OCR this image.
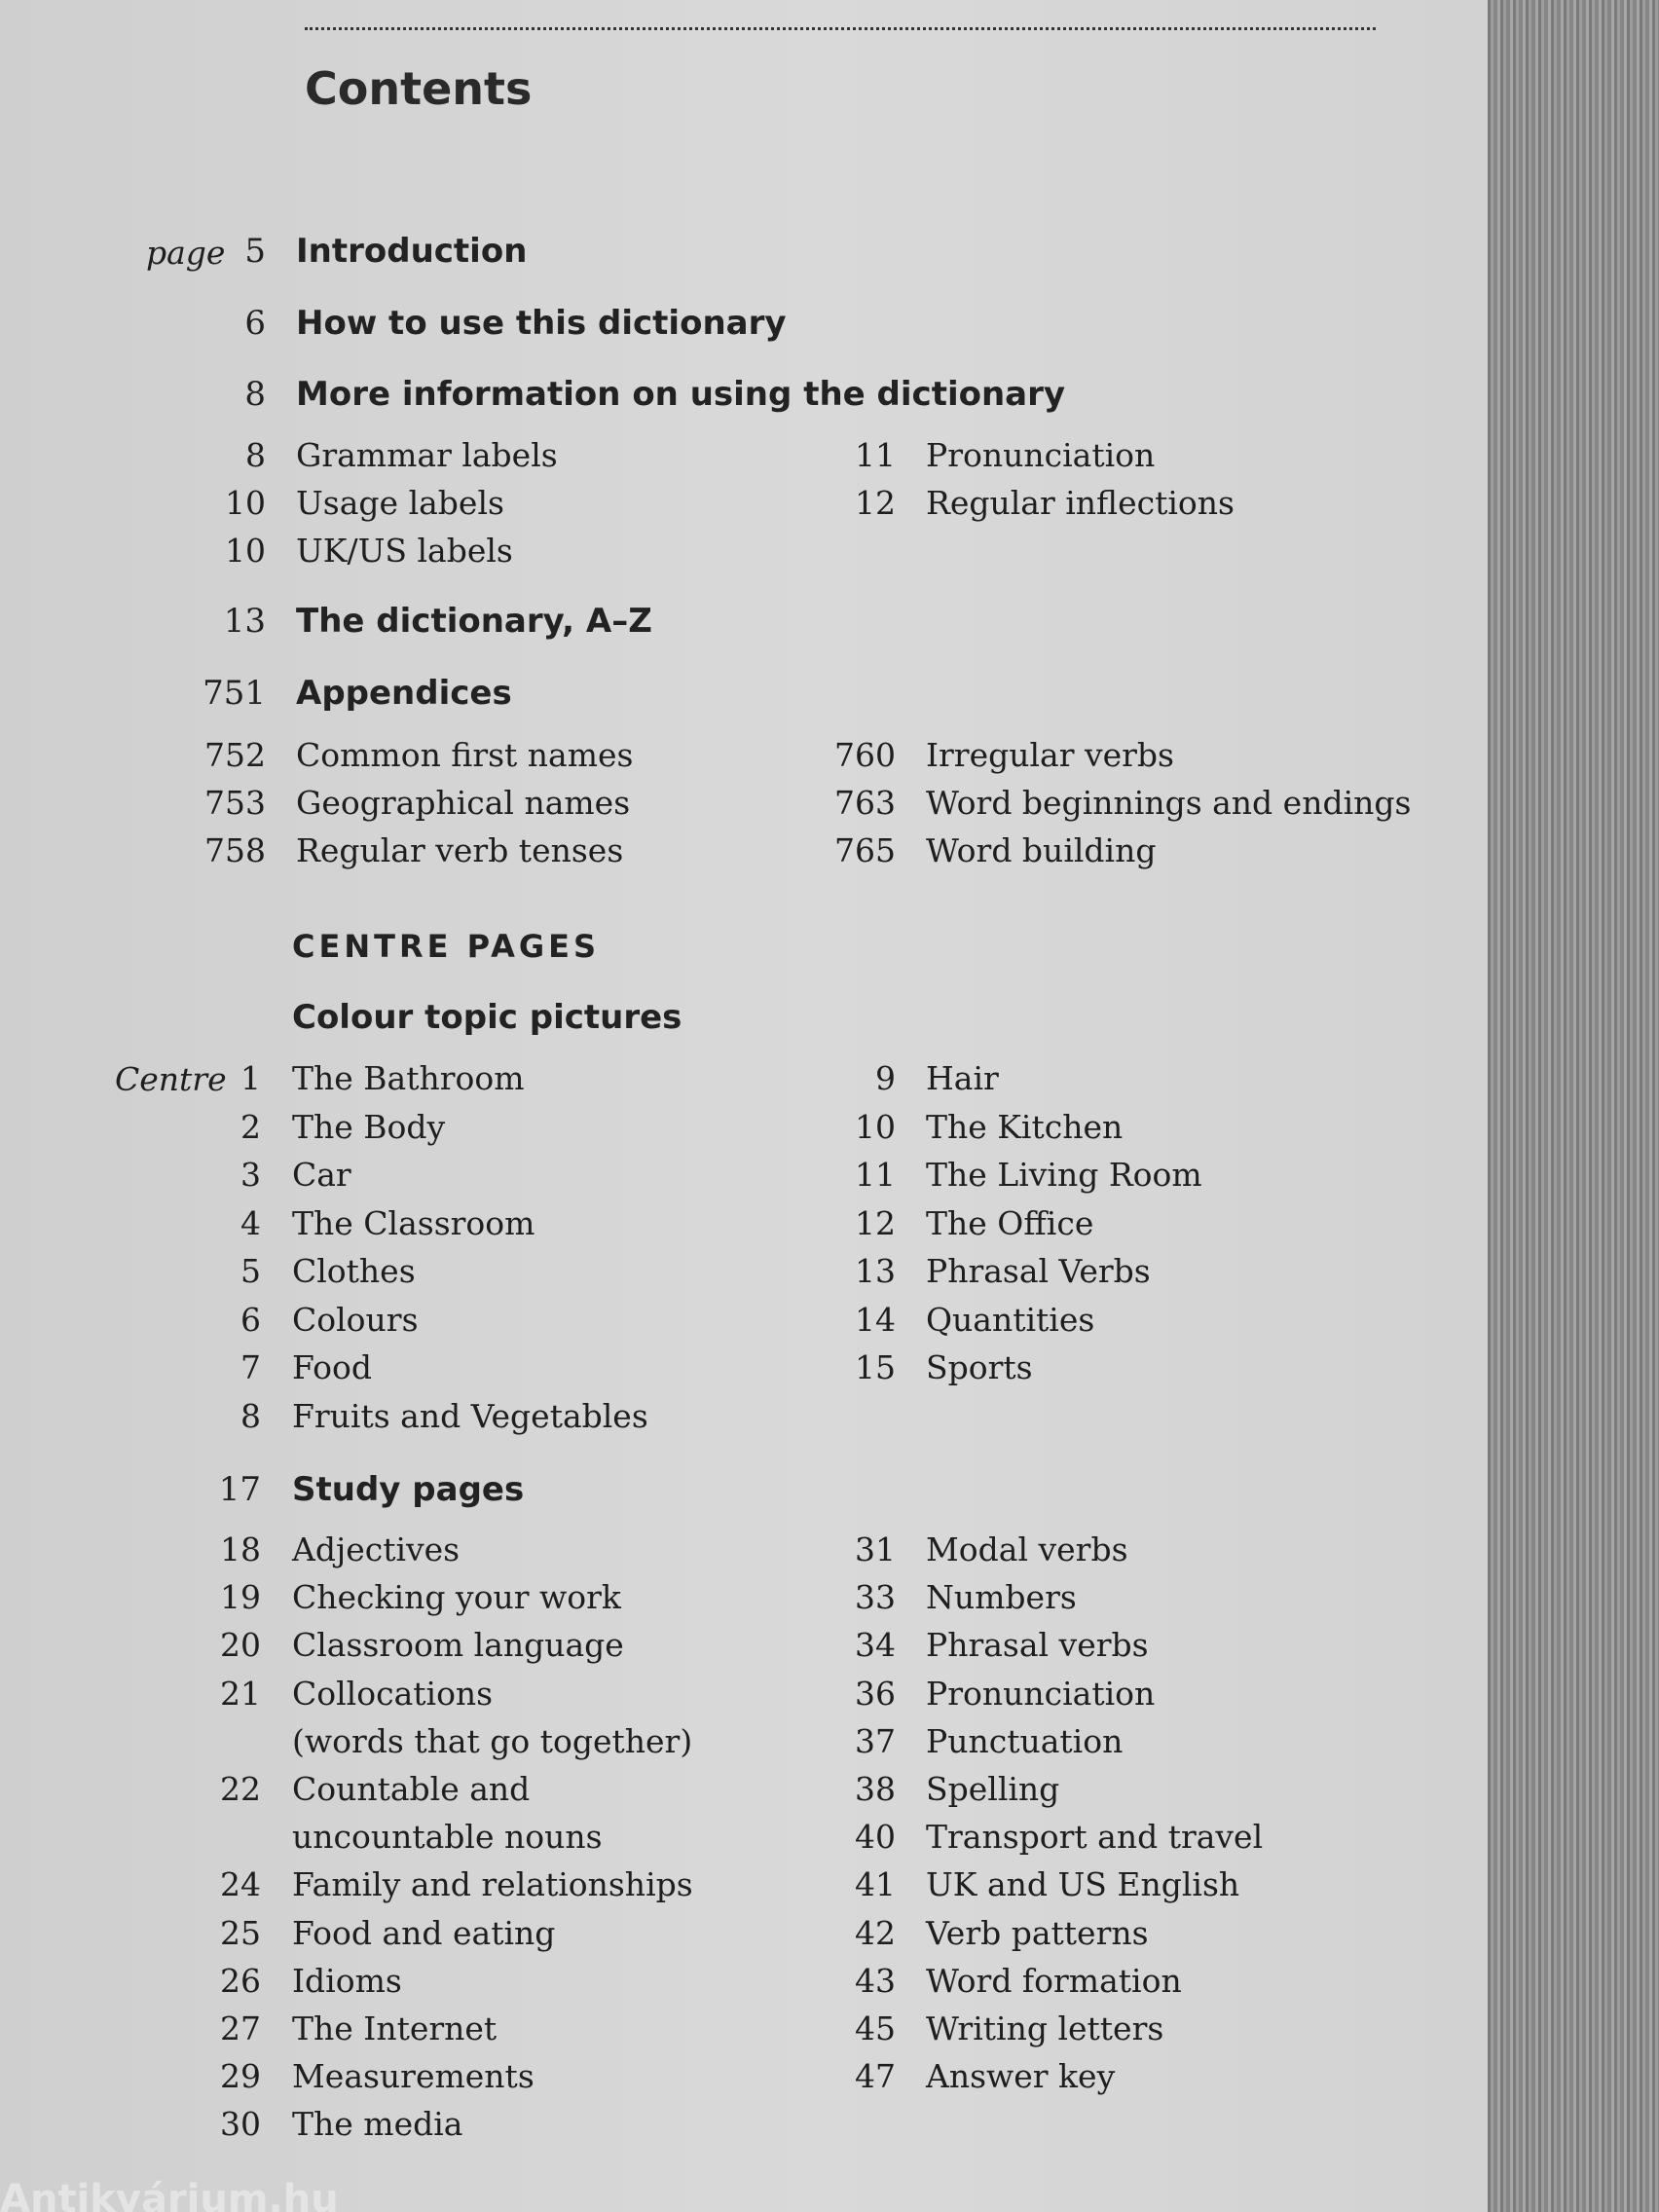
Contents
page
Centre
CENTRE PAGES
Colour topic pictures
5 Introduction
6 How to use this dictionary
8 More information on using the dictionary
8 Grammar labels
10 Usage labels
10 UK/US labels
11 Pronunciation
12 Regular inflections
13 The dictionary, A–Z
751 Appendices
752 Common first names
753 Geographical names
758 Regular verb tenses
760 Irregular verbs
763 Word beginnings and endings
765 Word building
1 The Bathroom
2 The Body
3 Car
4 The Classroom
5 Clothes
6 Colours
7 Food
8 Fruits and Vegetables
9 Hair
10 The Kitchen
11 The Living Room
12 The Office
13 Phrasal Verbs
14 Quantities
15 Sports
17 Study pages
18 Adjectives
19 Checking your work
20 Classroom language
21 Collocations
(words that go together)
22 Countable and
uncountable nouns
24 Family and relationships
25 Food and eating
26 Idioms
27 The Internet
29 Measurements
30 The media
31 Modal verbs
33 Numbers
34 Phrasal verbs
36 Pronunciation
37 Punctuation
38 Spelling
40 Transport and travel
41 UK and US English
42 Verb patterns
43 Word formation
45 Writing letters
47 Answer key
Antikvárium.hu
